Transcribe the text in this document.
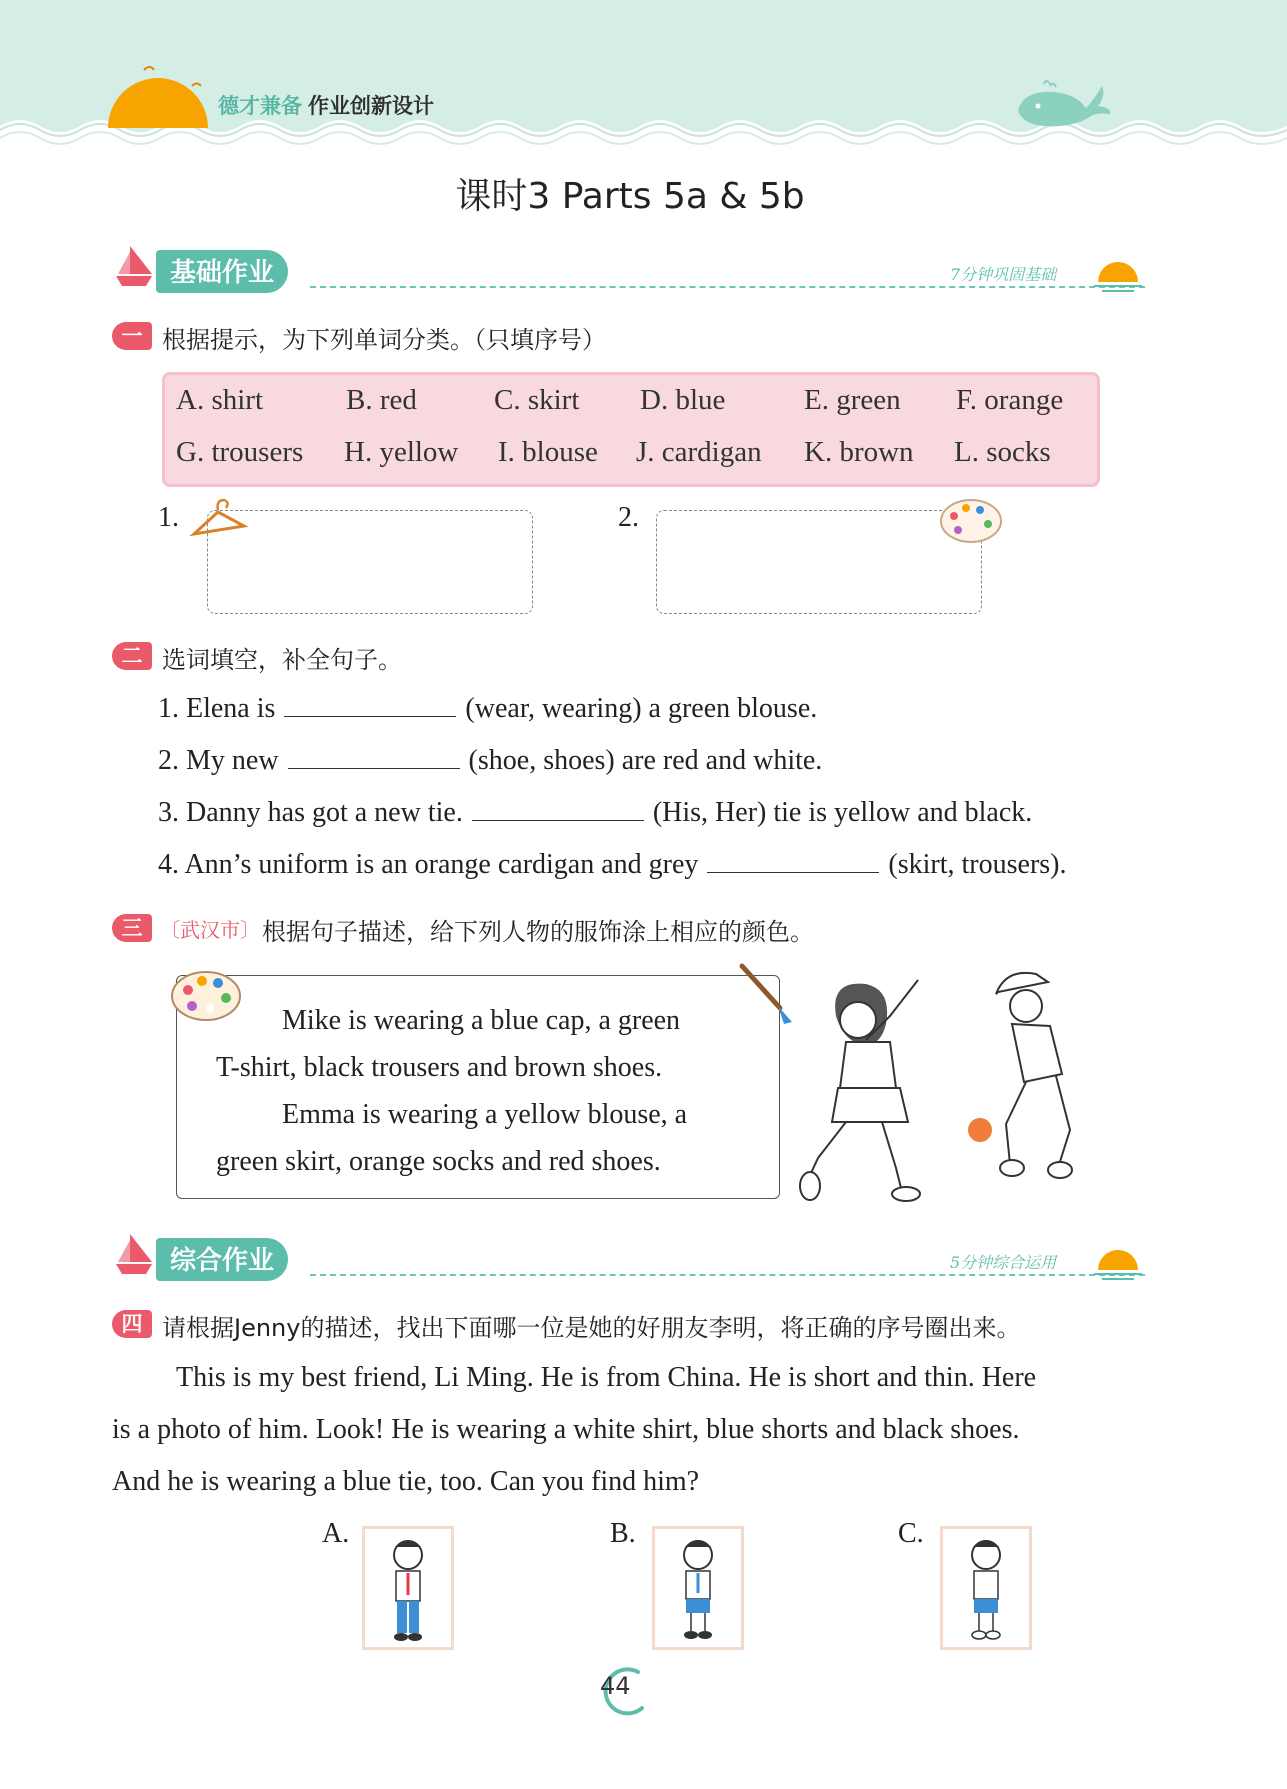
德才兼备 作业创新设计
课时3 Parts 5a & 5b
基础作业	7分钟巩固基础
一 根据提示，为下列单词分类。（只填序号）
A. shirt	B. red	C. skirt D. blue	E. green F. orange
G. trousers H. yellow I. blouse J. cardigan K. brown L. socks
1.	2.
二 选词填空，补全句子。
1. Elena is	(wear, wearing) a green blouse.
2. My new	(shoe, shoes) are red and white.
3. Danny has got a new tie.	(His, Her) tie is yellow and black.
4. Ann’s uniform is an orange cardigan and grey	(skirt, trousers).
三 〔武汉市〕 根据句子描述，给下列人物的服饰涂上相应的颜色。
Mike is wearing a blue cap, a green
T-shirt, black trousers and brown shoes.
Emma is wearing a yellow blouse, a
green skirt, orange socks and red shoes.
综合作业	5分钟综合运用
四 请根据Jenny的描述，找出下面哪一位是她的好朋友李明，将正确的序号圈出来。
This is my best friend, Li Ming. He is from China. He is short and thin. Here
is a photo of him. Look! He is wearing a white shirt, blue shorts and black shoes.
And he is wearing a blue tie, too. Can you find him?
A.	B.	C.
44
